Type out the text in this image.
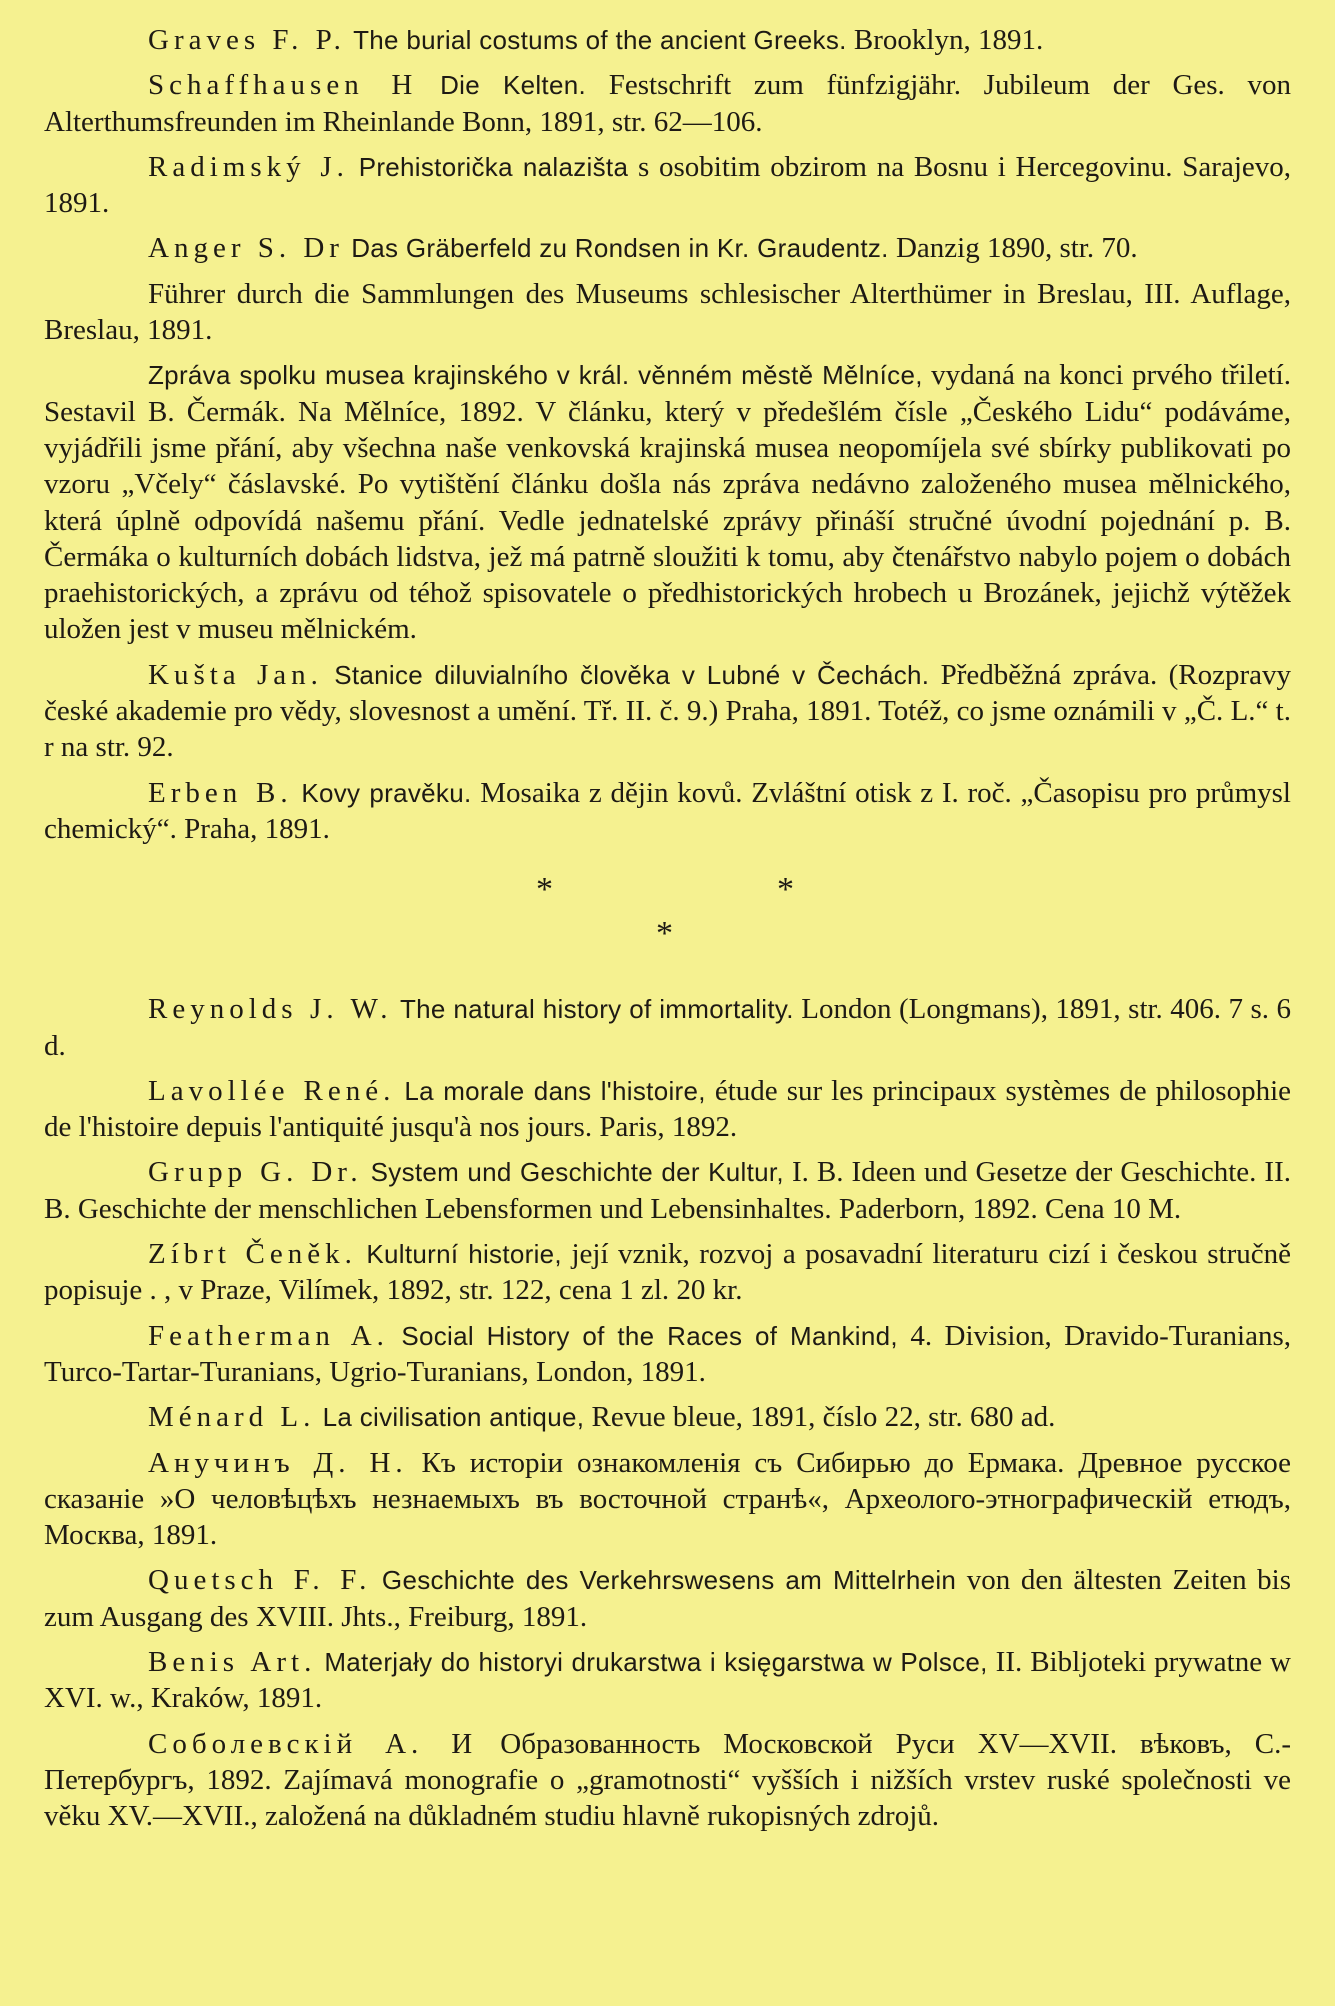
Graves F. P. The burial costums of the ancient Greeks. Brooklyn, 1891.

Schaffhausen H Die Kelten. Festschrift zum fünfzigjähr. Jubileum der Ges. von Alterthumsfreunden im Rheinlande Bonn, 1891, str. 62—106.

Radimský J. Prehistorička nalazišta s osobitim obzirom na Bosnu i Hercegovinu. Sarajevo, 1891.

Anger S. Dr Das Gräberfeld zu Rondsen in Kr. Graudentz. Danzig 1890, str. 70.

Führer durch die Sammlungen des Museums schlesischer Alterthümer in Breslau, III. Auflage, Breslau, 1891.

Zpráva spolku musea krajinského v král. věnném městě Mělníce, vydaná na konci prvého třiletí. Sestavil B. Čermák. Na Mělníce, 1892. V článku, který v předešlém čísle „Českého Lidu“ podáváme, vyjádřili jsme přání, aby všechna naše venkovská krajinská musea neopomíjela své sbírky publikovati po vzoru „Včely“ čáslavské. Po vytištění článku došla nás zpráva nedávno založeného musea mělnického, která úplně odpovídá našemu přání. Vedle jednatelské zprávy přináší stručné úvodní pojednání p. B. Čermáka o kulturních dobách lidstva, jež má patrně sloužiti k tomu, aby čtenářstvo nabylo pojem o dobách praehistorických, a zprávu od téhož spisovatele o předhistorických hrobech u Brozánek, jejichž výtěžek uložen jest v museu mělnickém.

Kušta Jan. Stanice diluvialního člověka v Lubné v Čechách. Předběžná zpráva. (Rozpravy české akademie pro vědy, slovesnost a umění. Tř. II. č. 9.) Praha, 1891. Totéž, co jsme oznámili v „Č. L.“ t. r na str. 92.

Erben B. Kovy pravěku. Mosaika z dějin kovů. Zvláštní otisk z I. roč. „Časopisu pro průmysl chemický“. Praha, 1891.

*	*
*

Reynolds J. W. The natural history of immortality. London (Longmans), 1891, str. 406. 7 s. 6 d.

Lavollée René. La morale dans l'histoire, étude sur les principaux systèmes de philosophie de l'histoire depuis l'antiquité jusqu'à nos jours. Paris, 1892.

Grupp G. Dr. System und Geschichte der Kultur, I. B. Ideen und Gesetze der Geschichte. II. B. Geschichte der menschlichen Lebensformen und Lebensinhaltes. Paderborn, 1892. Cena 10 M.

Zíbrt Čeněk. Kulturní historie, její vznik, rozvoj a posavadní literaturu cizí i českou stručně popisuje . , v Praze, Vilímek, 1892, str. 122, cena 1 zl. 20 kr.

Featherman A. Social History of the Races of Mankind, 4. Division, Dravido-Turanians, Turco-Tartar-Turanians, Ugrio-Turanians, London, 1891.

Ménard L. La civilisation antique, Revue bleue, 1891, číslo 22, str. 680 ad.

Анучинъ Д. Н. Къ исторіи ознакомленія съ Сибирью до Ермака. Древное русское сказаніе »О человѣцѣхъ незнаемыхъ въ восточной странѣ«, Археолого-этнографическій етюдъ, Москва, 1891.

Quetsch F. F. Geschichte des Verkehrswesens am Mittelrhein von den ältesten Zeiten bis zum Ausgang des XVIII. Jhts., Freiburg, 1891.

Benis Art. Materjały do historyi drukarstwa i księgarstwa w Polsce, II. Bibljoteki prywatne w XVI. w., Kraków, 1891.

Соболевскій А. И Образованность Московской Руси XV—XVII. вѣковъ, С.-Петербургъ, 1892. Zajímavá monografie o „gramotnosti“ vyšších i nižších vrstev ruské společnosti ve věku XV.—XVII., založená na důkladném studiu hlavně rukopisných zdrojů.
